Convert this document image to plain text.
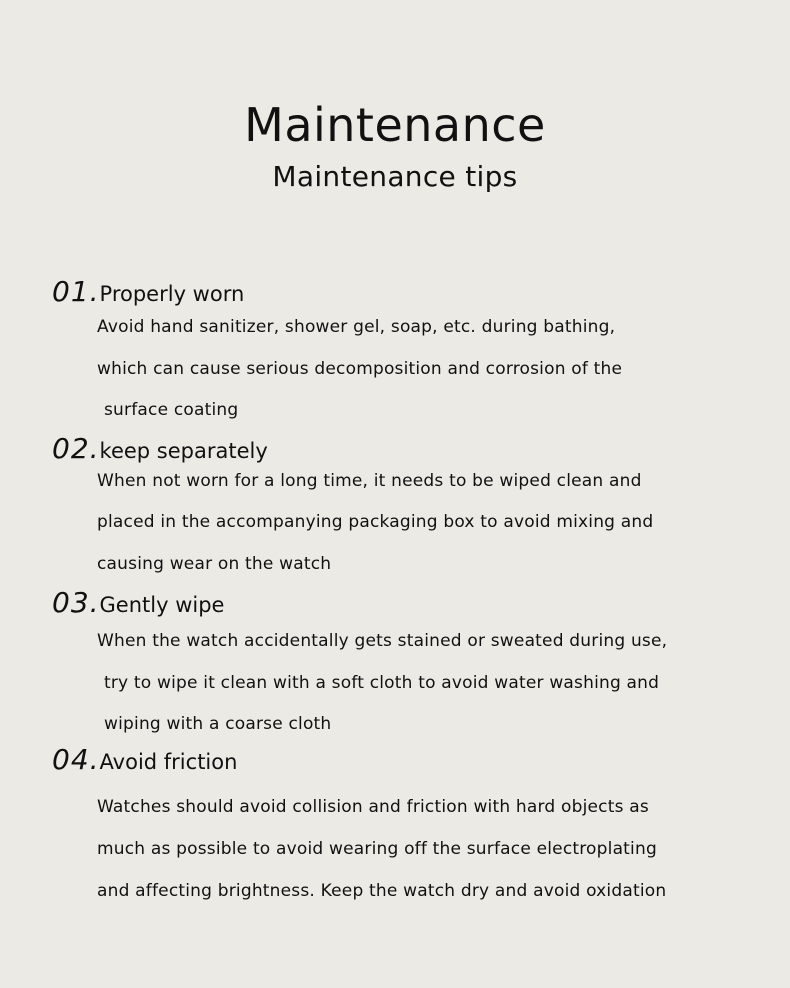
Maintenance
Maintenance tips
01.Properly worn
Avoid hand sanitizer, shower gel, soap, etc. during bathing,
which can cause serious decomposition and corrosion of the
surface coating
02.keep separately
When not worn for a long time, it needs to be wiped clean and
placed in the accompanying packaging box to avoid mixing and
causing wear on the watch
03.Gently wipe
When the watch accidentally gets stained or sweated during use,
try to wipe it clean with a soft cloth to avoid water washing and
wiping with a coarse cloth
04.Avoid friction
Watches should avoid collision and friction with hard objects as
much as possible to avoid wearing off the surface electroplating
and affecting brightness. Keep the watch dry and avoid oxidation
